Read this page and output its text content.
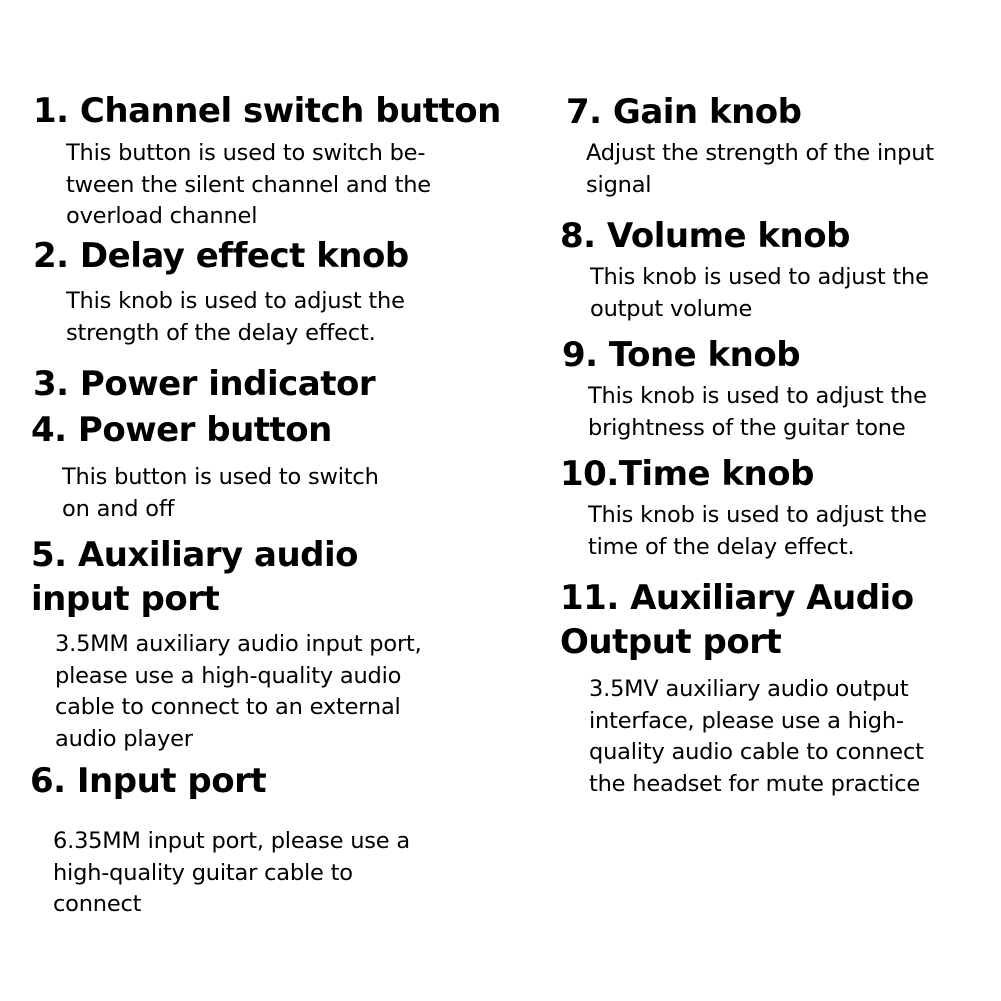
1. Channel switch button

This button is used to switch be-
tween the silent channel and the
overload channel

2. Delay effect knob

This knob is used to adjust the
strength of the delay effect.

3. Power indicator
4. Power button

This button is used to switch
on and off

5. Auxiliary audio
input port

3.5MM auxiliary audio input port,
please use a high-quality audio
cable to connect to an external
audio player

6. Input port

6.35MM input port, please use a
high-quality guitar cable to
connect

7. Gain knob

Adjust the strength of the input
signal

8. Volume knob

This knob is used to adjust the
output volume

9. Tone knob

This knob is used to adjust the
brightness of the guitar tone

10.Time knob

This knob is used to adjust the
time of the delay effect.

11. Auxiliary Audio
Output port

3.5MV auxiliary audio output
interface, please use a high-
quality audio cable to connect
the headset for mute practice
